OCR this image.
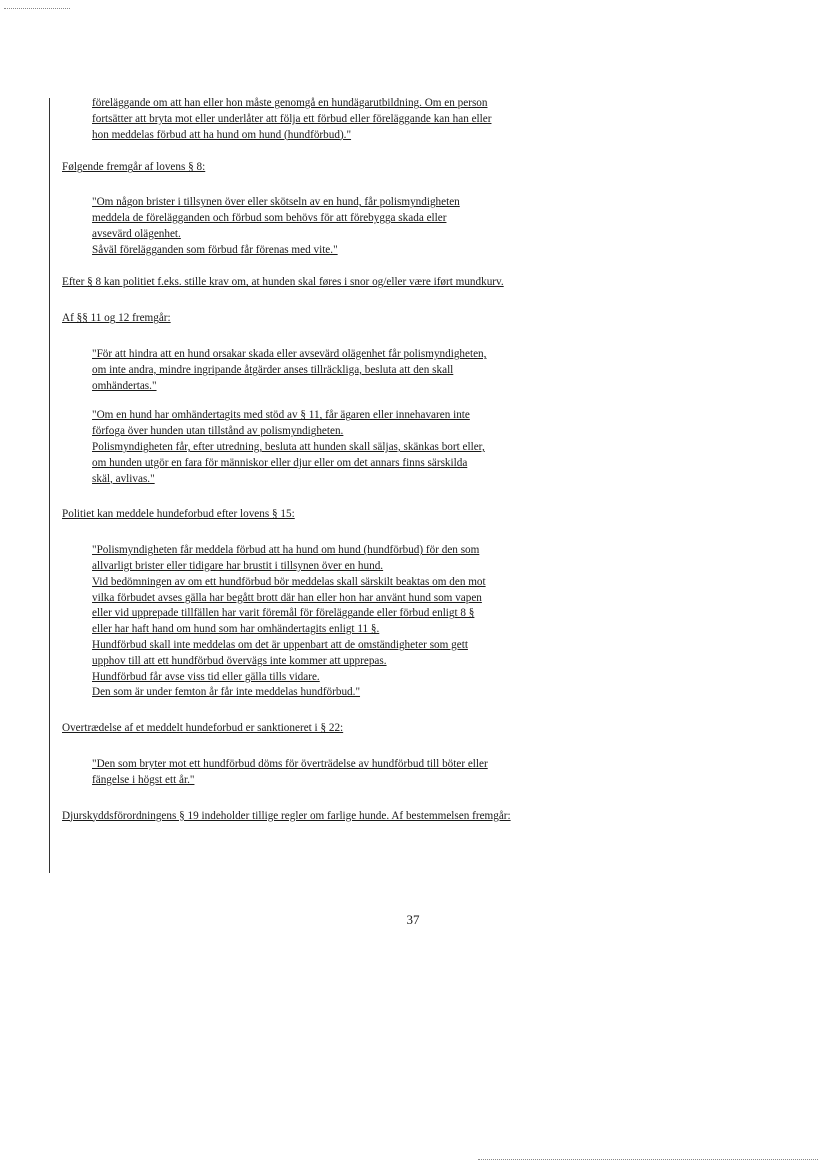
föreläggande om att han eller hon måste genomgå en hundägarutbildning. Om en person
fortsätter att bryta mot eller underlåter att följa ett förbud eller föreläggande kan han eller
hon meddelas förbud att ha hund om hund (hundförbud)."
Følgende fremgår af lovens § 8:
"Om någon brister i tillsynen över eller skötseln av en hund, får polismyndigheten
meddela de förelägganden och förbud som behövs för att förebygga skada eller
avsevärd olägenhet.
Såväl förelägganden som förbud får förenas med vite."
Efter § 8 kan politiet f.eks. stille krav om, at hunden skal føres i snor og/eller være iført mundkurv.
Af §§ 11 og 12 fremgår:
"För att hindra att en hund orsakar skada eller avsevärd olägenhet får polismyndigheten,
om inte andra, mindre ingripande åtgärder anses tillräckliga, besluta att den skall
omhändertas."
"Om en hund har omhändertagits med stöd av § 11, får ägaren eller innehavaren inte
förfoga över hunden utan tillstånd av polismyndigheten.
Polismyndigheten får, efter utredning, besluta att hunden skall säljas, skänkas bort eller,
om hunden utgör en fara för människor eller djur eller om det annars finns särskilda
skäl, avlivas."
Politiet kan meddele hundeforbud efter lovens § 15:
"Polismyndigheten får meddela förbud att ha hund om hund (hundförbud) för den som
allvarligt brister eller tidigare har brustit i tillsynen över en hund.
Vid bedömningen av om ett hundförbud bör meddelas skall särskilt beaktas om den mot
vilka förbudet avses gälla har begått brott där han eller hon har använt hund som vapen
eller vid upprepade tillfällen har varit föremål för föreläggande eller förbud enligt 8 §
eller har haft hand om hund som har omhändertagits enligt 11 §.
Hundförbud skall inte meddelas om det är uppenbart att de omständigheter som gett
upphov till att ett hundförbud övervägs inte kommer att upprepas.
Hundförbud får avse viss tid eller gälla tills vidare.
Den som är under femton år får inte meddelas hundförbud."
Overtrædelse af et meddelt hundeforbud er sanktioneret i § 22:
"Den som bryter mot ett hundförbud döms för överträdelse av hundförbud till böter eller
fängelse i högst ett år."
Djurskyddsförordningens § 19 indeholder tillige regler om farlige hunde. Af bestemmelsen fremgår:
37
